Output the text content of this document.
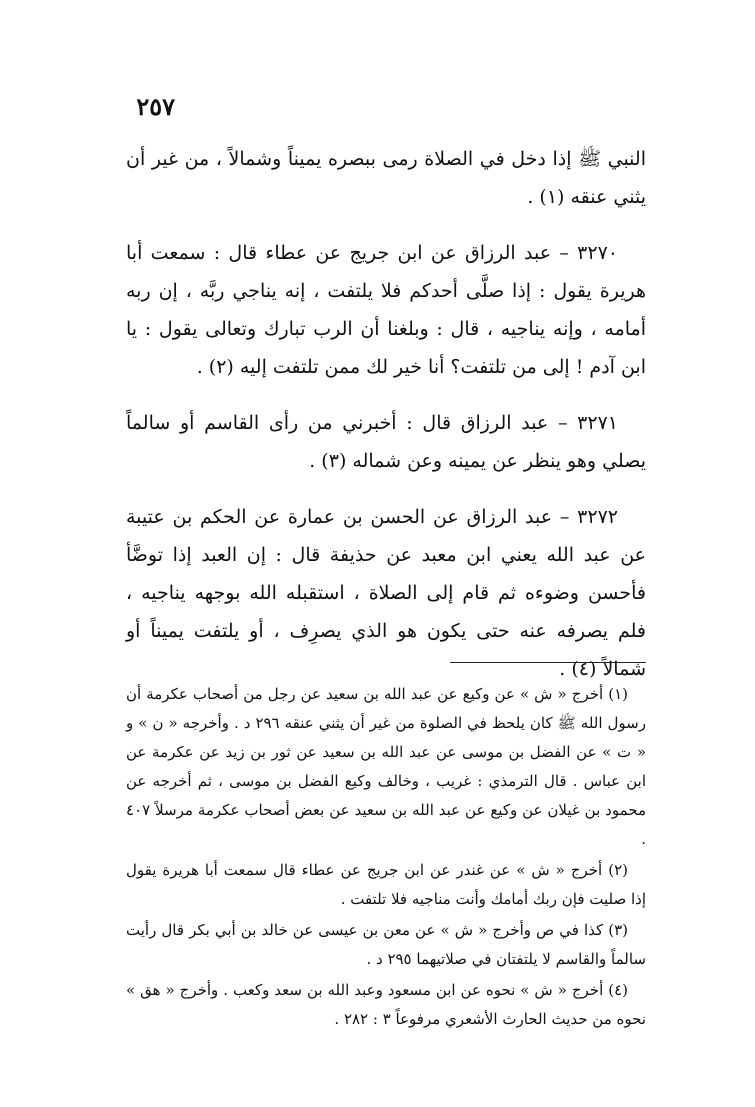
٢٥٧

النبي ﷺ إذا دخل في الصلاة رمى ببصره يميناً وشمالاً ، من غير أن يثني عنقه (١) .

٣٢٧٠ – عبد الرزاق عن ابن جريج عن عطاء قال : سمعت أبا هريرة يقول : إذا صلَّى أحدكم فلا يلتفت ، إنه يناجي ربَّه ، إن ربه أمامه ، وإنه يناجيه ، قال : وبلغنا أن الرب تبارك وتعالى يقول : يا ابن آدم ! إلى من تلتفت؟ أنا خير لك ممن تلتفت إليه (٢) .

٣٢٧١ – عبد الرزاق قال : أخبرني من رأى القاسم أو سالماً يصلي وهو ينظر عن يمينه وعن شماله (٣) .

٣٢٧٢ – عبد الرزاق عن الحسن بن عمارة عن الحكم بن عتيبة عن عبد الله يعني ابن معبد عن حذيفة قال : إن العبد إذا توضَّأ فأحسن وضوءه ثم قام إلى الصلاة ، استقبله الله بوجهه يناجيه ، فلم يصرفه عنه حتى يكون هو الذي يصرِف ، أو يلتفت يميناً أو شمالاً (٤) .

(١) أخرج « ش » عن وكيع عن عبد الله بن سعيد عن رجل من أصحاب عكرمة أن رسول الله ﷺ كان يلحظ في الصلوة من غير أن يثني عنقه ٢٩٦ د . وأخرجه « ن » و « ت » عن الفضل بن موسى عن عبد الله بن سعيد عن ثور بن زيد عن عكرمة عن ابن عباس . قال الترمذي : غريب ، وخالف وكيع الفضل بن موسى ، ثم أخرجه عن محمود بن غيلان عن وكيع عن عبد الله بن سعيد عن بعض أصحاب عكرمة مرسلاً ٤٠٧ .

(٢) أخرج « ش » عن غندر عن ابن جريج عن عطاء قال سمعت أبا هريرة يقول إذا صليت فإن ربك أمامك وأنت مناجيه فلا تلتفت .

(٣) كذا في ص وأخرج « ش » عن معن بن عيسى عن خالد بن أبي بكر قال رأيت سالماً والقاسم لا يلتفتان في صلاتيهما ٢٩٥ د .

(٤) أخرج « ش » نحوه عن ابن مسعود وعبد الله بن سعد وكعب . وأخرج « هق » نحوه من حديث الحارث الأشعري مرفوعاً ٣ : ٢٨٢ .
